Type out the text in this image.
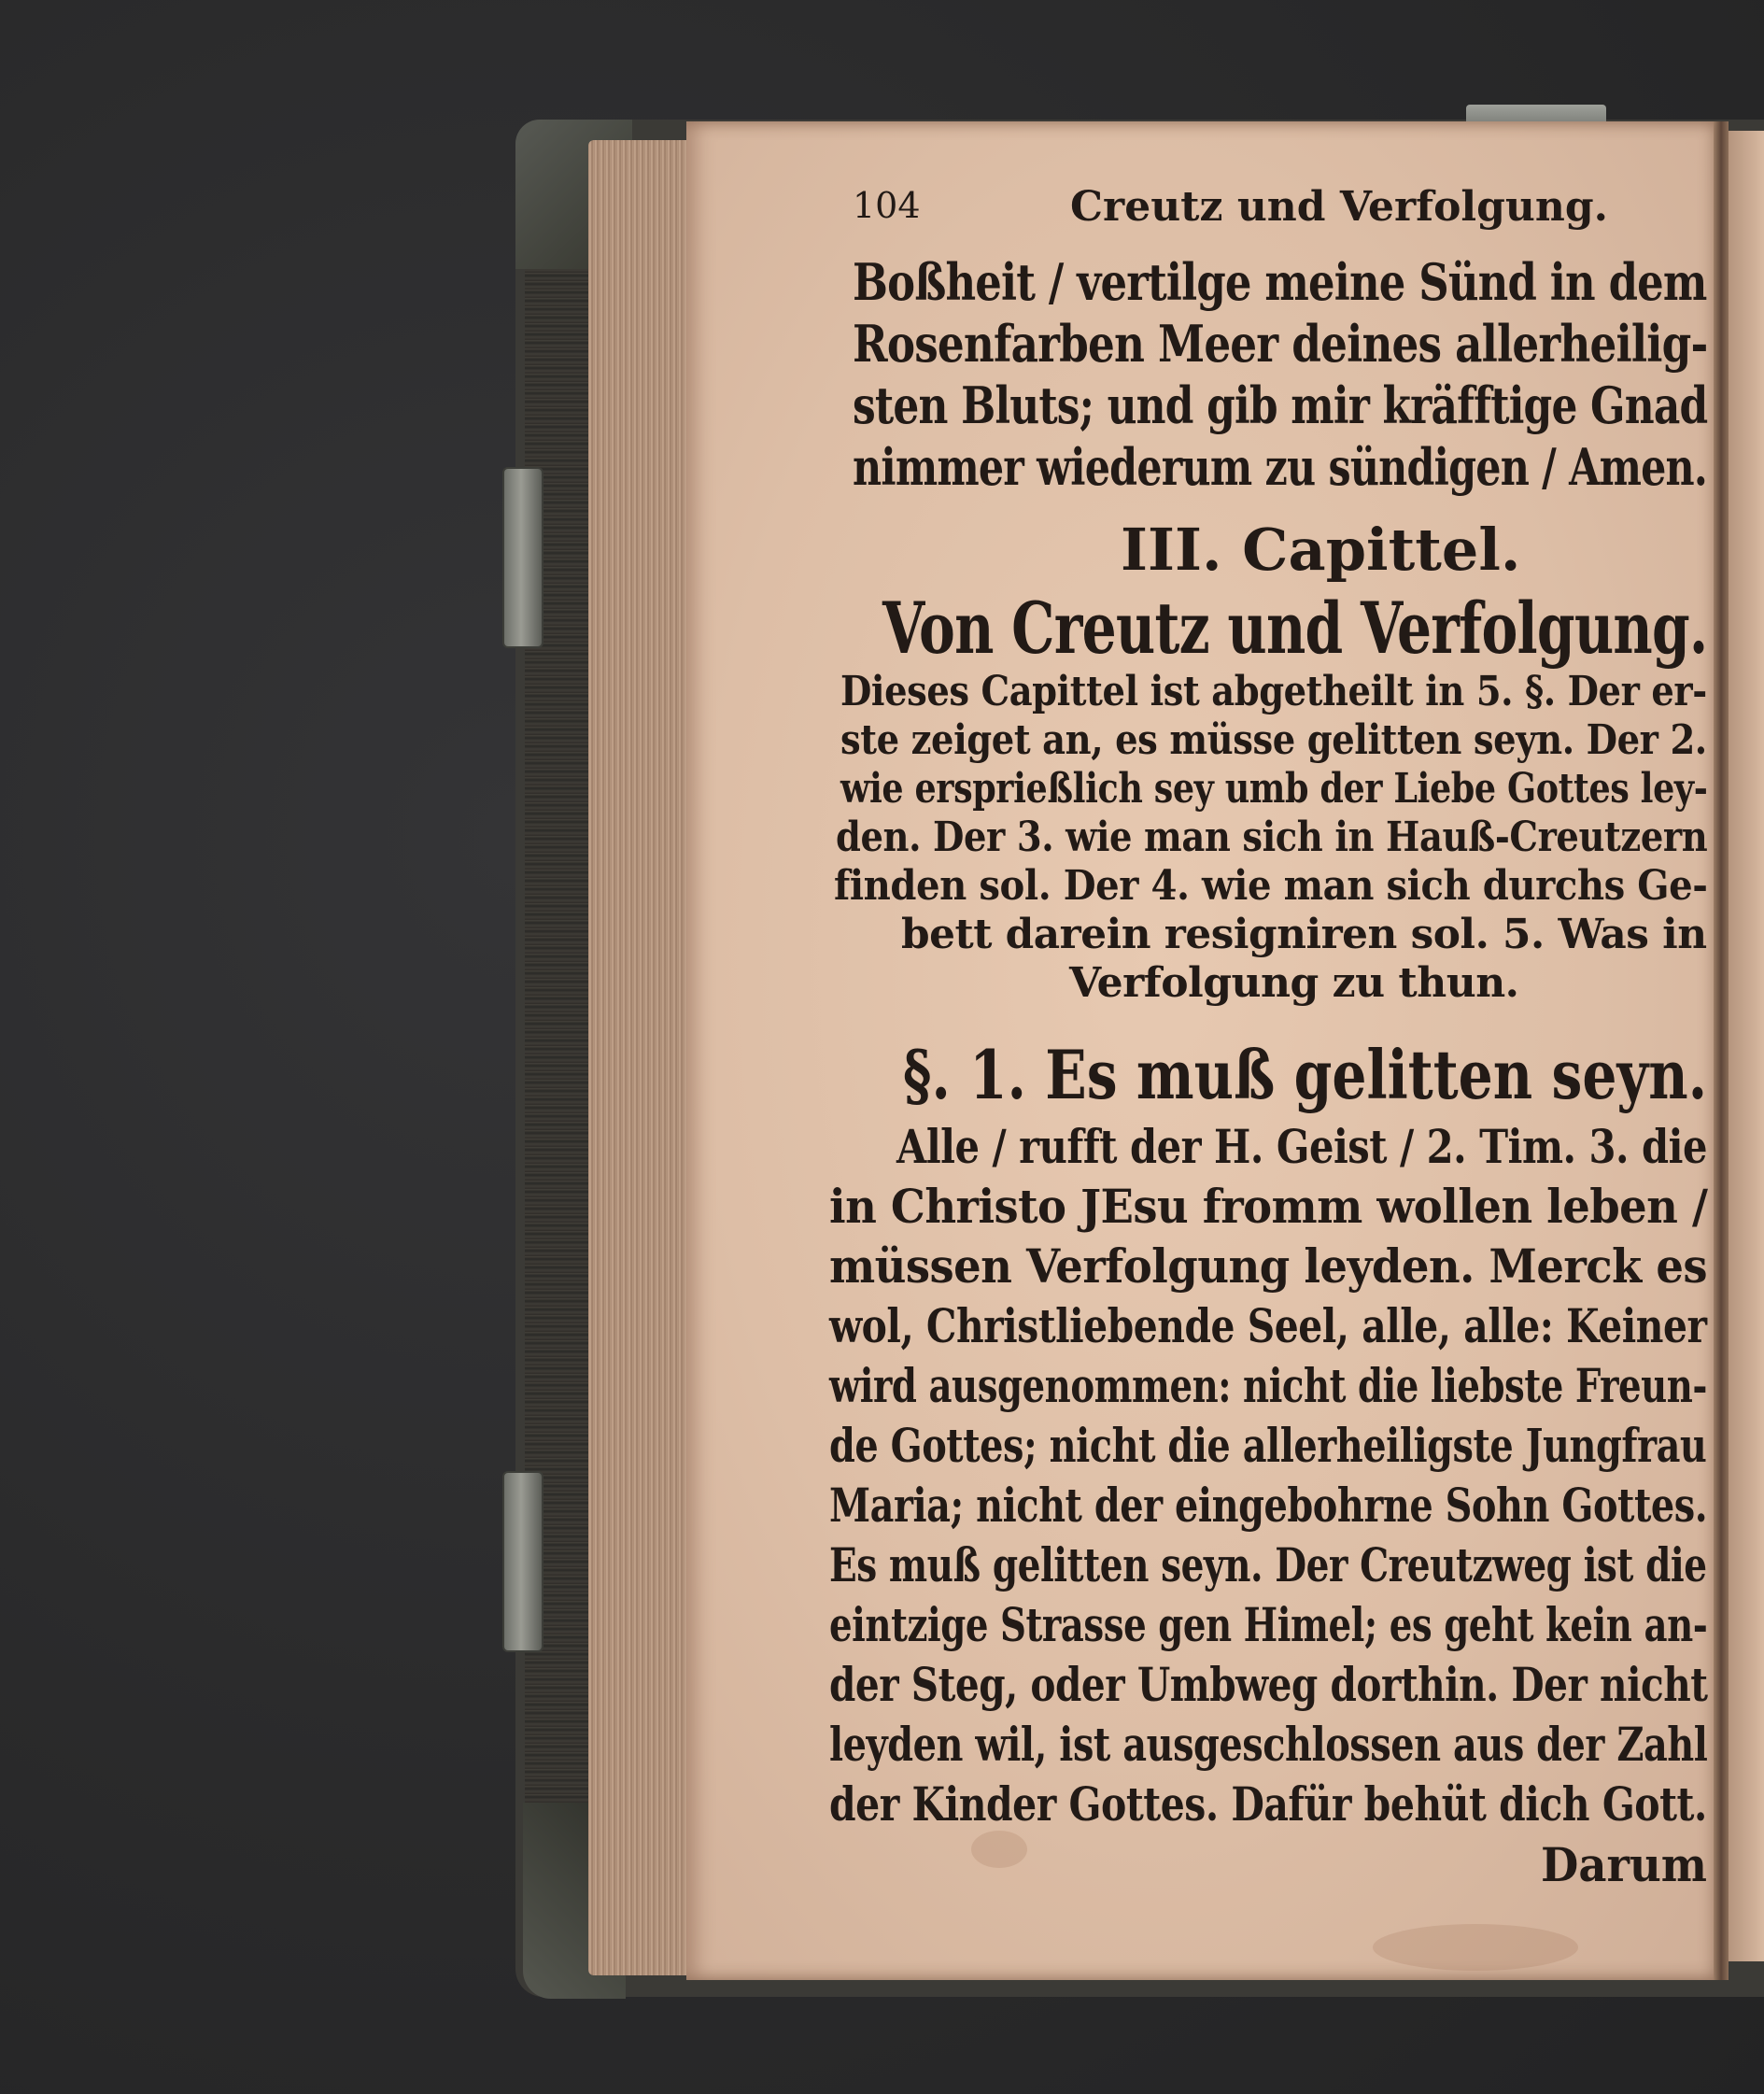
104	Creutz und Verfolgung.
Boßheit / vertilge meine Sünd in dem
Rosenfarben Meer deines allerheilig-
sten Bluts; und gib mir kräfftige Gnad
nimmer wiederum zu sündigen / Amen.
III. Capittel.
Von Creutz und Verfolgung.
Dieses Capittel ist abgetheilt in 5. §. Der er-
ste zeiget an, es müsse gelitten seyn. Der 2.
wie ersprießlich sey umb der Liebe Gottes ley-
den. Der 3. wie man sich in Hauß-Creutzern
finden sol. Der 4. wie man sich durchs Ge-
bett darein resigniren sol. 5. Was in
Verfolgung zu thun.
§. 1. Es muß gelitten seyn.
Alle / rufft der H. Geist / 2. Tim. 3. die
in Christo JEsu fromm wollen leben /
müssen Verfolgung leyden. Merck es
wol, Christliebende Seel, alle, alle: Keiner
wird ausgenommen: nicht die liebste Freun-
de Gottes; nicht die allerheiligste Jungfrau
Maria; nicht der eingebohrne Sohn Gottes.
Es muß gelitten seyn. Der Creutzweg ist die
eintzige Strasse gen Himel; es geht kein an-
der Steg, oder Umbweg dorthin. Der nicht
leyden wil, ist ausgeschlossen aus der Zahl
der Kinder Gottes. Dafür behüt dich Gott.
Darum
